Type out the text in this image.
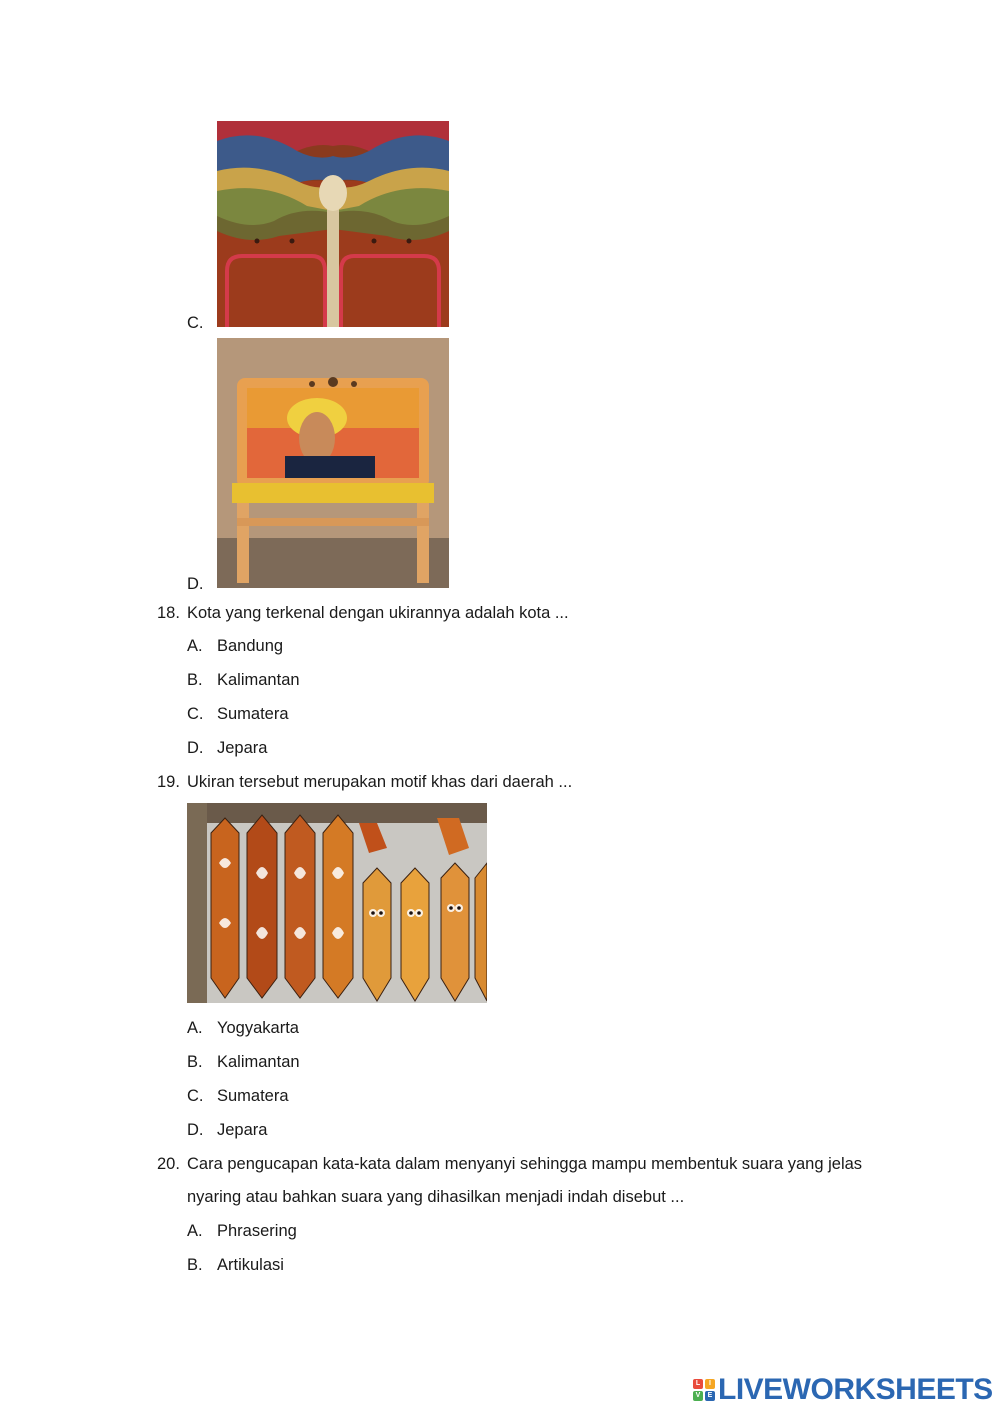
C.
D.
18. Kota yang terkenal dengan ukirannya adalah kota ...
A. Bandung
B. Kalimantan
C. Sumatera
D. Jepara
19. Ukiran tersebut merupakan motif khas dari daerah ...
A. Yogyakarta
B. Kalimantan
C. Sumatera
D. Jepara
20. Cara pengucapan kata-kata dalam menyanyi sehingga mampu membentuk suara yang jelas
nyaring atau bahkan suara yang dihasilkan menjadi indah disebut ...
A. Phrasering
B. Artikulasi
L	I
V	E LIVEWORKSHEETS
